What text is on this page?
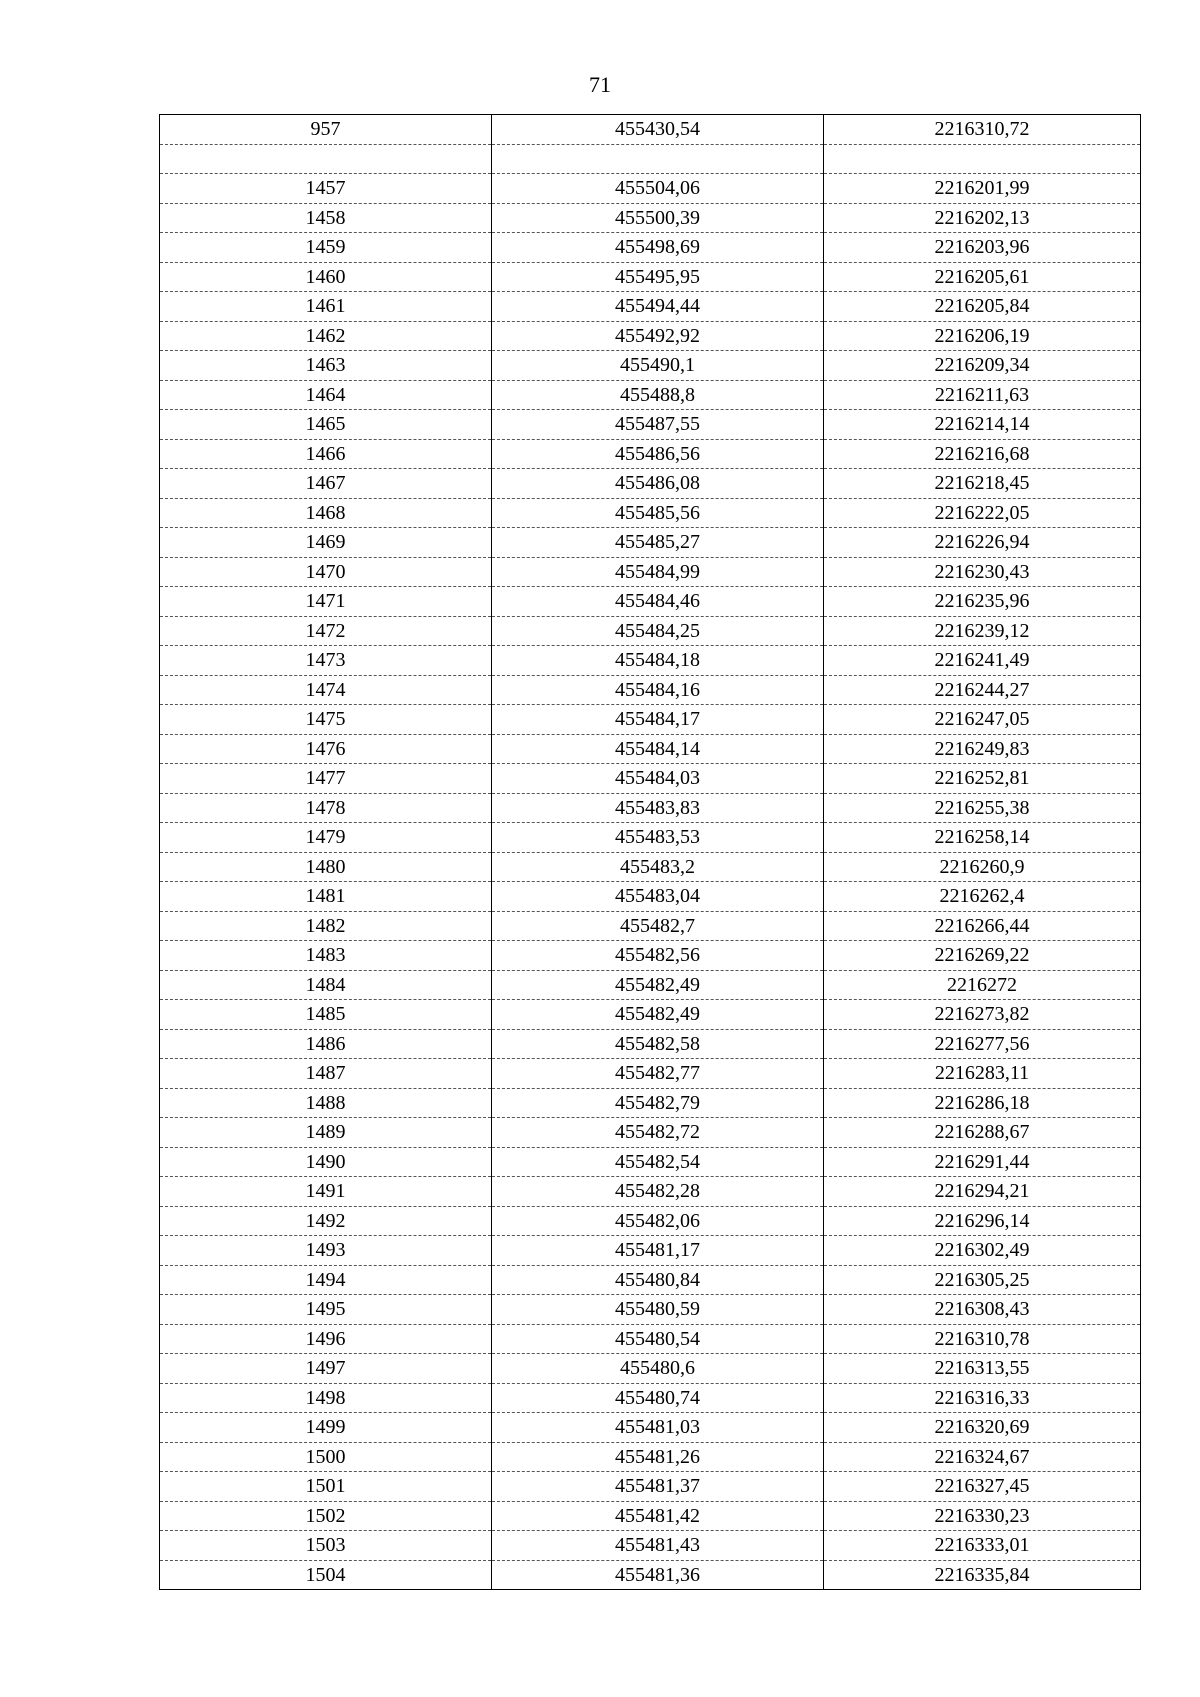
71
957	455430,54	2216310,72

1457	455504,06	2216201,99
1458	455500,39	2216202,13
1459	455498,69	2216203,96
1460	455495,95	2216205,61
1461	455494,44	2216205,84
1462	455492,92	2216206,19
1463	455490,1	2216209,34
1464	455488,8	2216211,63
1465	455487,55	2216214,14
1466	455486,56	2216216,68
1467	455486,08	2216218,45
1468	455485,56	2216222,05
1469	455485,27	2216226,94
1470	455484,99	2216230,43
1471	455484,46	2216235,96
1472	455484,25	2216239,12
1473	455484,18	2216241,49
1474	455484,16	2216244,27
1475	455484,17	2216247,05
1476	455484,14	2216249,83
1477	455484,03	2216252,81
1478	455483,83	2216255,38
1479	455483,53	2216258,14
1480	455483,2	2216260,9
1481	455483,04	2216262,4
1482	455482,7	2216266,44
1483	455482,56	2216269,22
1484	455482,49	2216272
1485	455482,49	2216273,82
1486	455482,58	2216277,56
1487	455482,77	2216283,11
1488	455482,79	2216286,18
1489	455482,72	2216288,67
1490	455482,54	2216291,44
1491	455482,28	2216294,21
1492	455482,06	2216296,14
1493	455481,17	2216302,49
1494	455480,84	2216305,25
1495	455480,59	2216308,43
1496	455480,54	2216310,78
1497	455480,6	2216313,55
1498	455480,74	2216316,33
1499	455481,03	2216320,69
1500	455481,26	2216324,67
1501	455481,37	2216327,45
1502	455481,42	2216330,23
1503	455481,43	2216333,01
1504	455481,36	2216335,84
